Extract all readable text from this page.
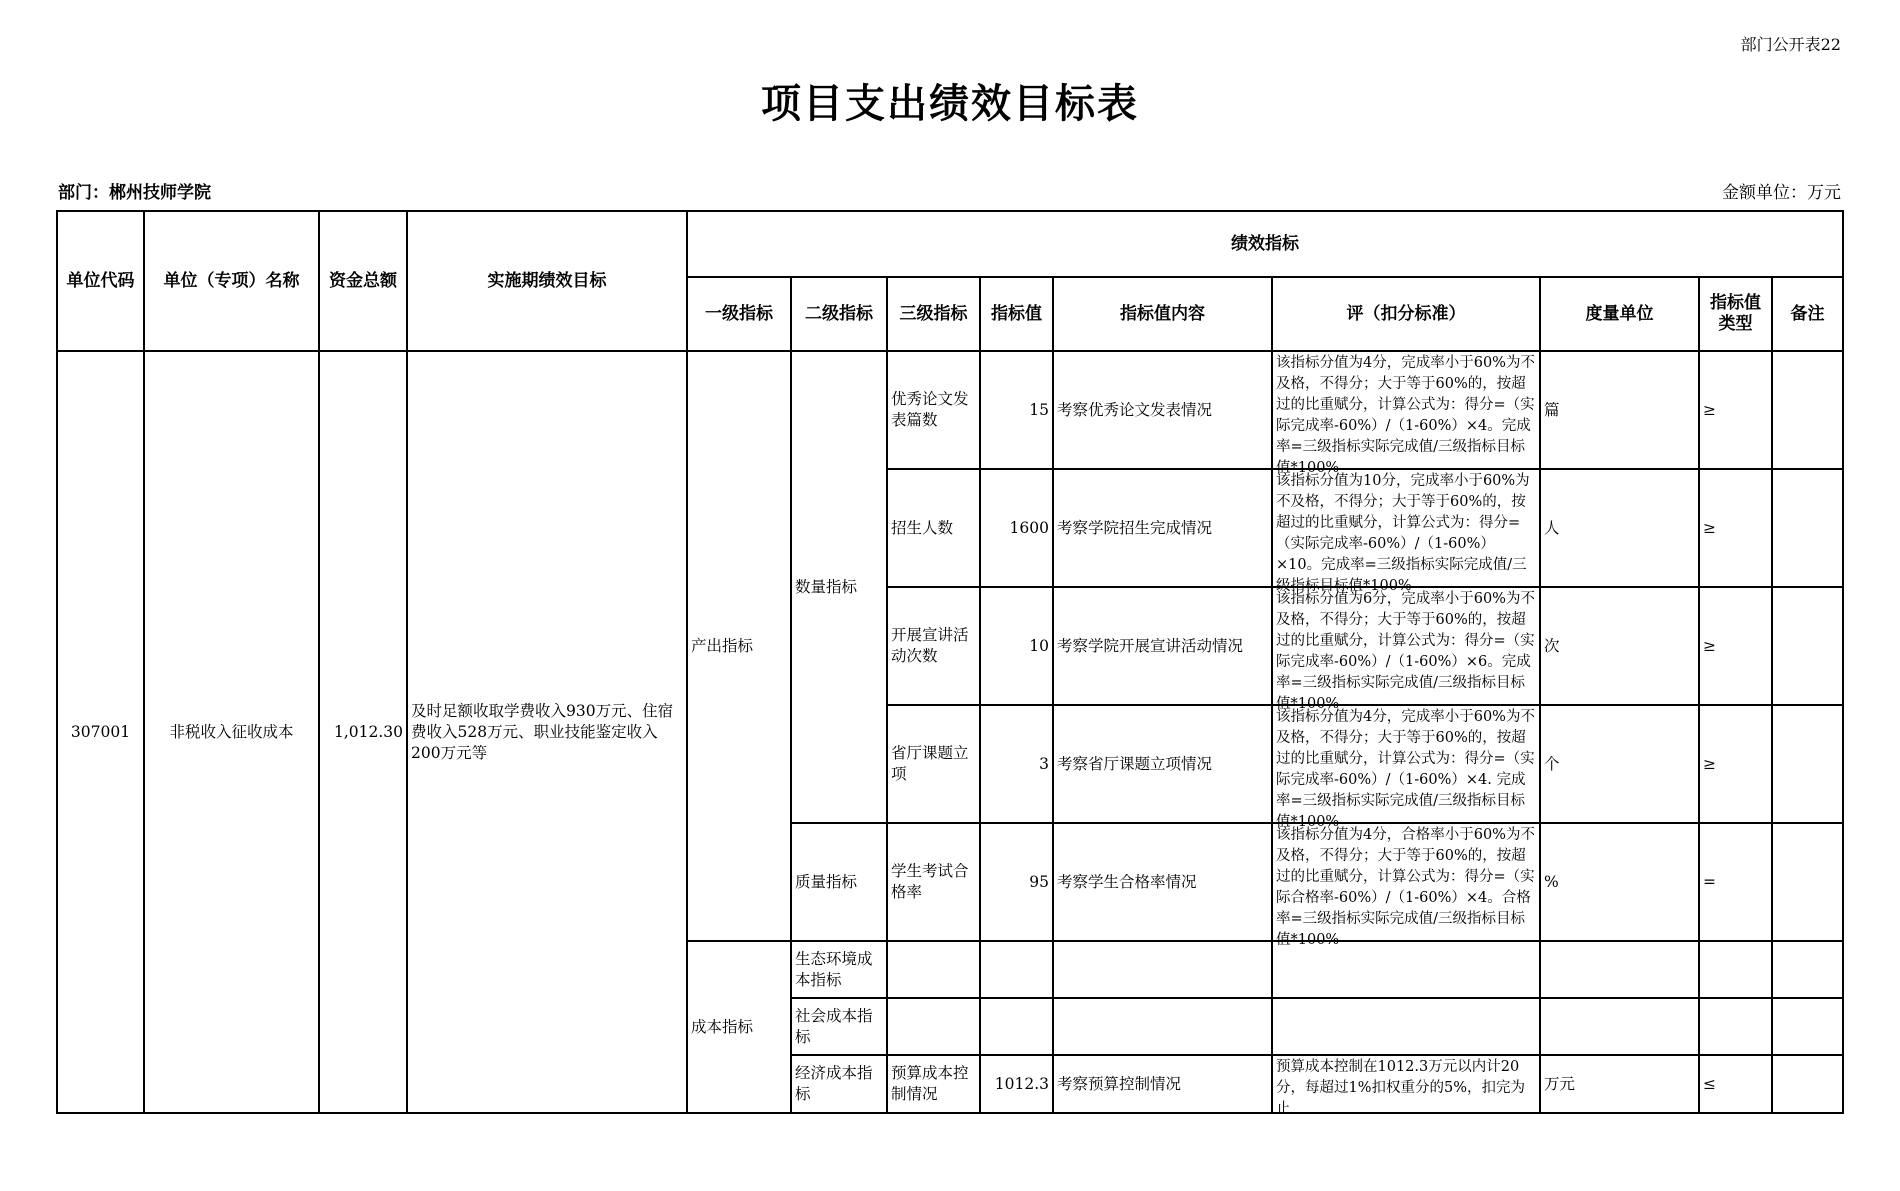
部门公开表22
项目支出绩效目标表
部门：郴州技师学院	金额单位：万元
单位代码	单位（专项）名称	资金总额	实施期绩效目标	绩效指标								
				一级指标	二级指标	三级指标	指标值	指标值内容	评（扣分标准）	度量单位	指标值类型	备注
307001	非税收入征收成本	1,012.30	及时足额收取学费收入930万元、住宿费收入528万元、职业技能鉴定收入200万元等	产出指标	数量指标	优秀论文发表篇数	15	考察优秀论文发表情况	该指标分值为4分，完成率小于60%为不及格，不得分；大于等于60%的，按超过的比重赋分，计算公式为：得分=（实际完成率-60%）/（1-60%）×4。完成率=三级指标实际完成值/三级指标目标值*100%	篇	≥	
						招生人数	1600	考察学院招生完成情况	该指标分值为10分，完成率小于60%为不及格，不得分；大于等于60%的，按超过的比重赋分，计算公式为：得分=（实际完成率-60%）/（1-60%）×10。完成率=三级指标实际完成值/三级指标目标值*100%	人	≥	
						开展宣讲活动次数	10	考察学院开展宣讲活动情况	该指标分值为6分，完成率小于60%为不及格，不得分；大于等于60%的，按超过的比重赋分，计算公式为：得分=（实际完成率-60%）/（1-60%）×6。完成率=三级指标实际完成值/三级指标目标值*100%	次	≥	
						省厅课题立项	3	考察省厅课题立项情况	该指标分值为4分，完成率小于60%为不及格，不得分；大于等于60%的，按超过的比重赋分，计算公式为：得分=（实际完成率-60%）/（1-60%）×4. 完成率=三级指标实际完成值/三级指标目标值*100%	个	≥	
					质量指标	学生考试合格率	95	考察学生合格率情况	该指标分值为4分，合格率小于60%为不及格，不得分；大于等于60%的，按超过的比重赋分，计算公式为：得分=（实际合格率-60%）/（1-60%）×4。合格率=三级指标实际完成值/三级指标目标值*100%	%	=	
				成本指标	生态环境成本指标							
					社会成本指标							
					经济成本指标	预算成本控制情况	1012.3	考察预算控制情况	预算成本控制在1012.3万元以内计20分，每超过1%扣权重分的5%，扣完为止	万元	≤	
